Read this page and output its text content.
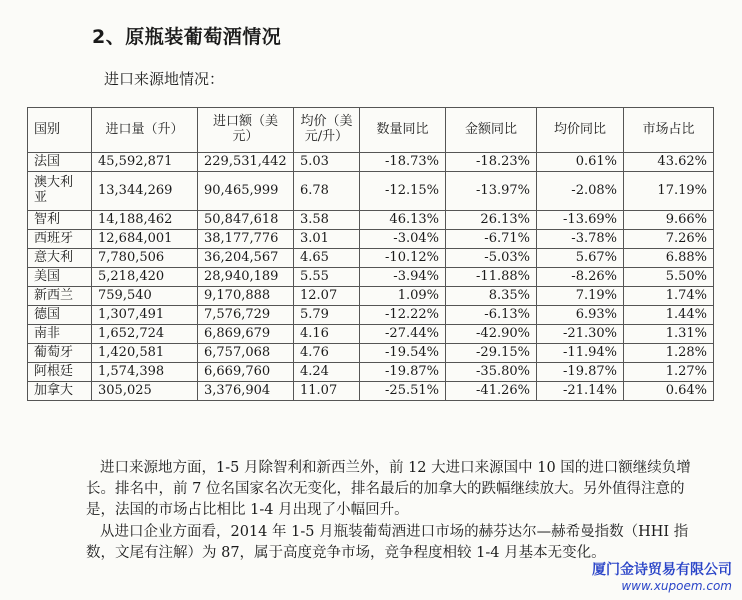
2、原瓶装葡萄酒情况
进口来源地情况：
国别	进口量（升）	进口额（美元）	均价（美元/升）	数量同比	金额同比	均价同比	市场占比
法国	45,592,871	229,531,442	5.03	-18.73%	-18.23%	0.61%	43.62%
澳大利亚	13,344,269	90,465,999	6.78	-12.15%	-13.97%	-2.08%	17.19%
智利	14,188,462	50,847,618	3.58	46.13%	26.13%	-13.69%	9.66%
西班牙	12,684,001	38,177,776	3.01	-3.04%	-6.71%	-3.78%	7.26%
意大利	7,780,506	36,204,567	4.65	-10.12%	-5.03%	5.67%	6.88%
美国	5,218,420	28,940,189	5.55	-3.94%	-11.88%	-8.26%	5.50%
新西兰	759,540	9,170,888	12.07	1.09%	8.35%	7.19%	1.74%
德国	1,307,491	7,576,729	5.79	-12.22%	-6.13%	6.93%	1.44%
南非	1,652,724	6,869,679	4.16	-27.44%	-42.90%	-21.30%	1.31%
葡萄牙	1,420,581	6,757,068	4.76	-19.54%	-29.15%	-11.94%	1.28%
阿根廷	1,574,398	6,669,760	4.24	-19.87%	-35.80%	-19.87%	1.27%
加拿大	305,025	3,376,904	11.07	-25.51%	-41.26%	-21.14%	0.64%
进口来源地方面，1-5 月除智利和新西兰外，前 12 大进口来源国中 10 国的进口额继续负增长。排名中，前 7 位名国家名次无变化，排名最后的加拿大的跌幅继续放大。另外值得注意的是，法国的市场占比相比 1-4 月出现了小幅回升。
从进口企业方面看，2014 年 1-5 月瓶装葡萄酒进口市场的赫芬达尔—赫希曼指数（HHI 指数，文尾有注解）为 87，属于高度竞争市场，竞争程度相较 1-4 月基本无变化。
厦门金诗贸易有限公司
www.xupoem.com
